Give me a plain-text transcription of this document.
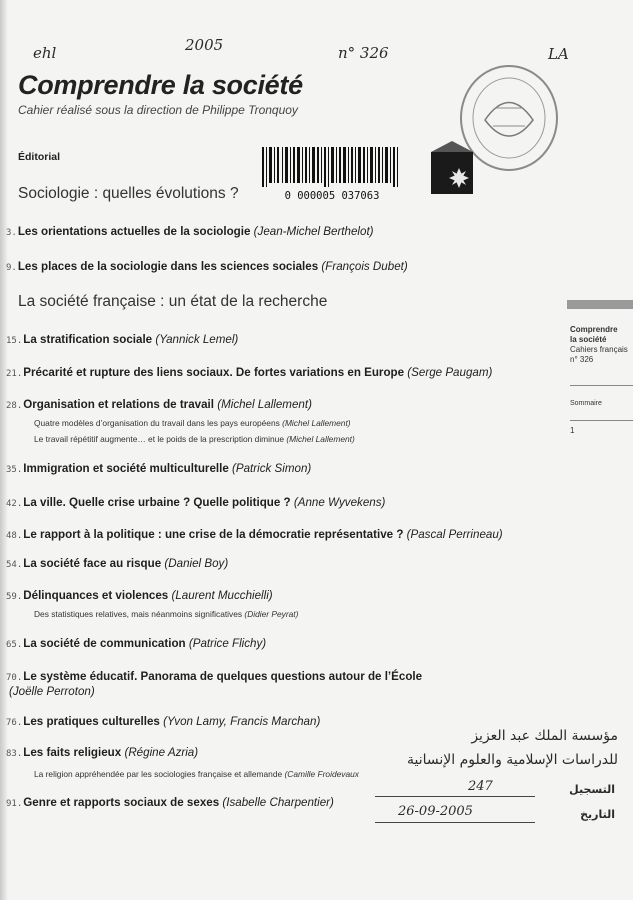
ehl	2005	n° 326	LA
Comprendre la société
Cahier réalisé sous la direction de Philippe Tronquoy
Éditorial
Sociologie : quelles évolutions ?	0 000005 037063
La société française : un état de la recherche
3.Les orientations actuelles de la sociologie (Jean-Michel Berthelot)
9.Les places de la sociologie dans les sciences sociales (François Dubet)
15.La stratification sociale (Yannick Lemel)
21.Précarité et rupture des liens sociaux. De fortes variations en Europe (Serge Paugam)
28.Organisation et relations de travail (Michel Lallement)
Quatre modèles d’organisation du travail dans les pays européens (Michel Lallement)
Le travail répétitif augmente… et le poids de la prescription diminue (Michel Lallement)
35.Immigration et société multiculturelle (Patrick Simon)
42.La ville. Quelle crise urbaine ? Quelle politique ? (Anne Wyvekens)
48.Le rapport à la politique : une crise de la démocratie représentative ? (Pascal Perrineau)
54.La société face au risque (Daniel Boy)
59.Délinquances et violences (Laurent Mucchielli)
Des statistiques relatives, mais néanmoins significatives (Didier Peyrat)
65.La société de communication (Patrice Flichy)
70.Le système éducatif. Panorama de quelques questions autour de l’École
(Joëlle Perroton)
76.Les pratiques culturelles (Yvon Lamy, Francis Marchan)
83.Les faits religieux (Régine Azria)
La religion appréhendée par les sociologies française et allemande (Camille Froidevaux
91.Genre et rapports sociaux de sexes (Isabelle Charpentier)
Comprendre
la société
Cahiers français
n° 326
Sommaire
1
مؤسسة الملك عبد العزيز
للدراسات الإسلامية والعلوم الإنسانية
التسجيل
247
التاريخ
26-09-2005
